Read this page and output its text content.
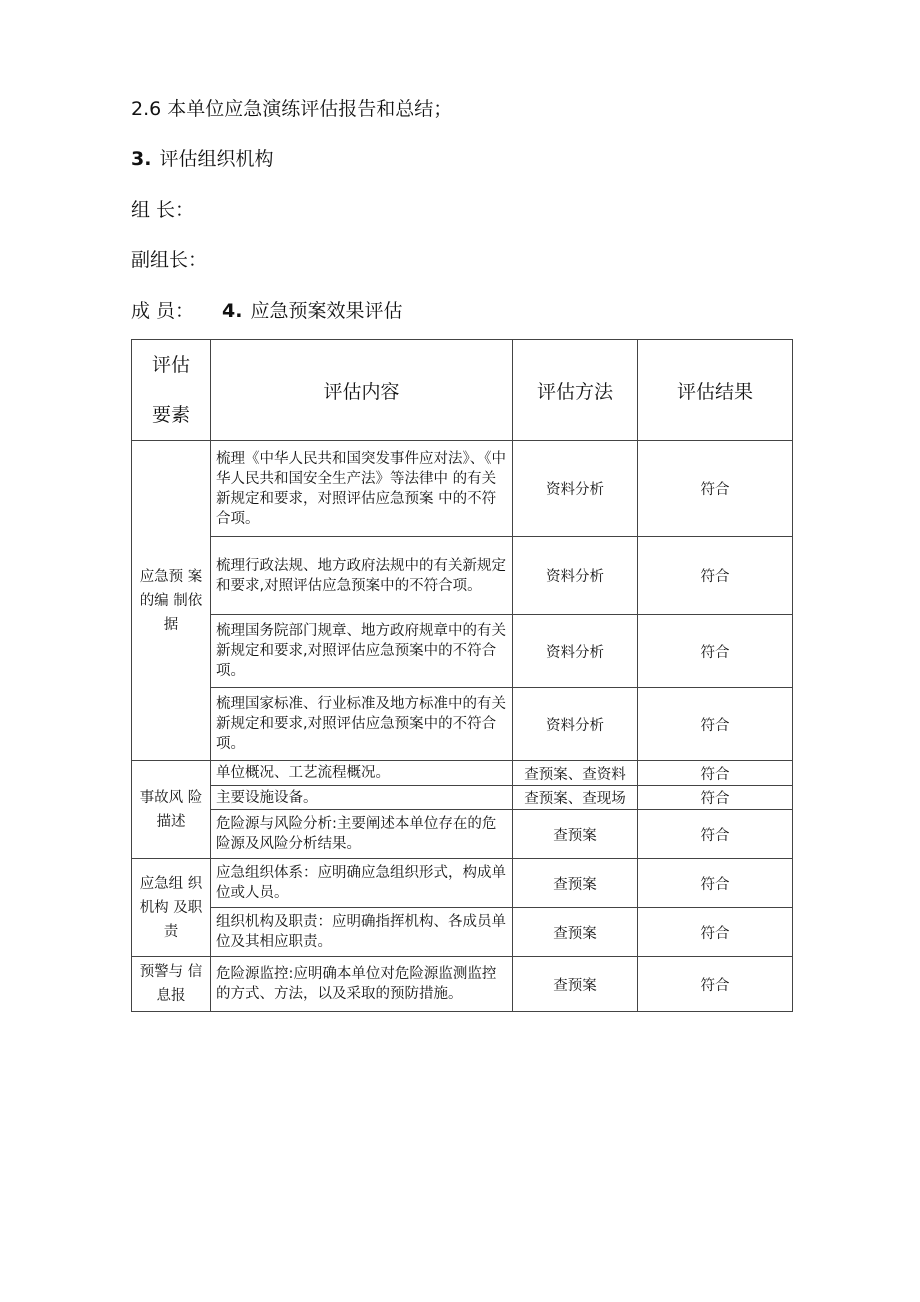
2.6 本单位应急演练评估报告和总结；
3. 评估组织机构
组 长：
副组长：
成 员： 4. 应急预案效果评估
评估
要素	评估内容	评估方法	评估结果
应急预 案的编 制依据	梳理《中华人民共和国突发事件应对法》、《中华人民共和国安全生产法》等法律中 的有关新规定和要求，对照评估应急预案 中的不符合项。	资料分析	符合
	梳理行政法规、地方政府法规中的有关新规定和要求,对照评估应急预案中的不符合项。	资料分析	符合
	梳理国务院部门规章、地方政府规章中的有关新规定和要求,对照评估应急预案中的不符合项。	资料分析	符合
	梳理国家标准、行业标准及地方标准中的有关新规定和要求,对照评估应急预案中的不符合项。	资料分析	符合
事故风 险描述	单位概况、工艺流程概况。	查预案、查资料	符合
	主要设施设备。	查预案、查现场	符合
	危险源与风险分析:主要阐述本单位存在的危险源及风险分析结果。	查预案	符合
应急组 织机构 及职责	应急组织体系：应明确应急组织形式，构成单位或人员。	查预案	符合
	组织机构及职责：应明确指挥机构、各成员单位及其相应职责。	查预案	符合
预警与 信息报	危险源监控:应明确本单位对危险源监测监控的方式、方法，以及采取的预防措施。	查预案	符合
